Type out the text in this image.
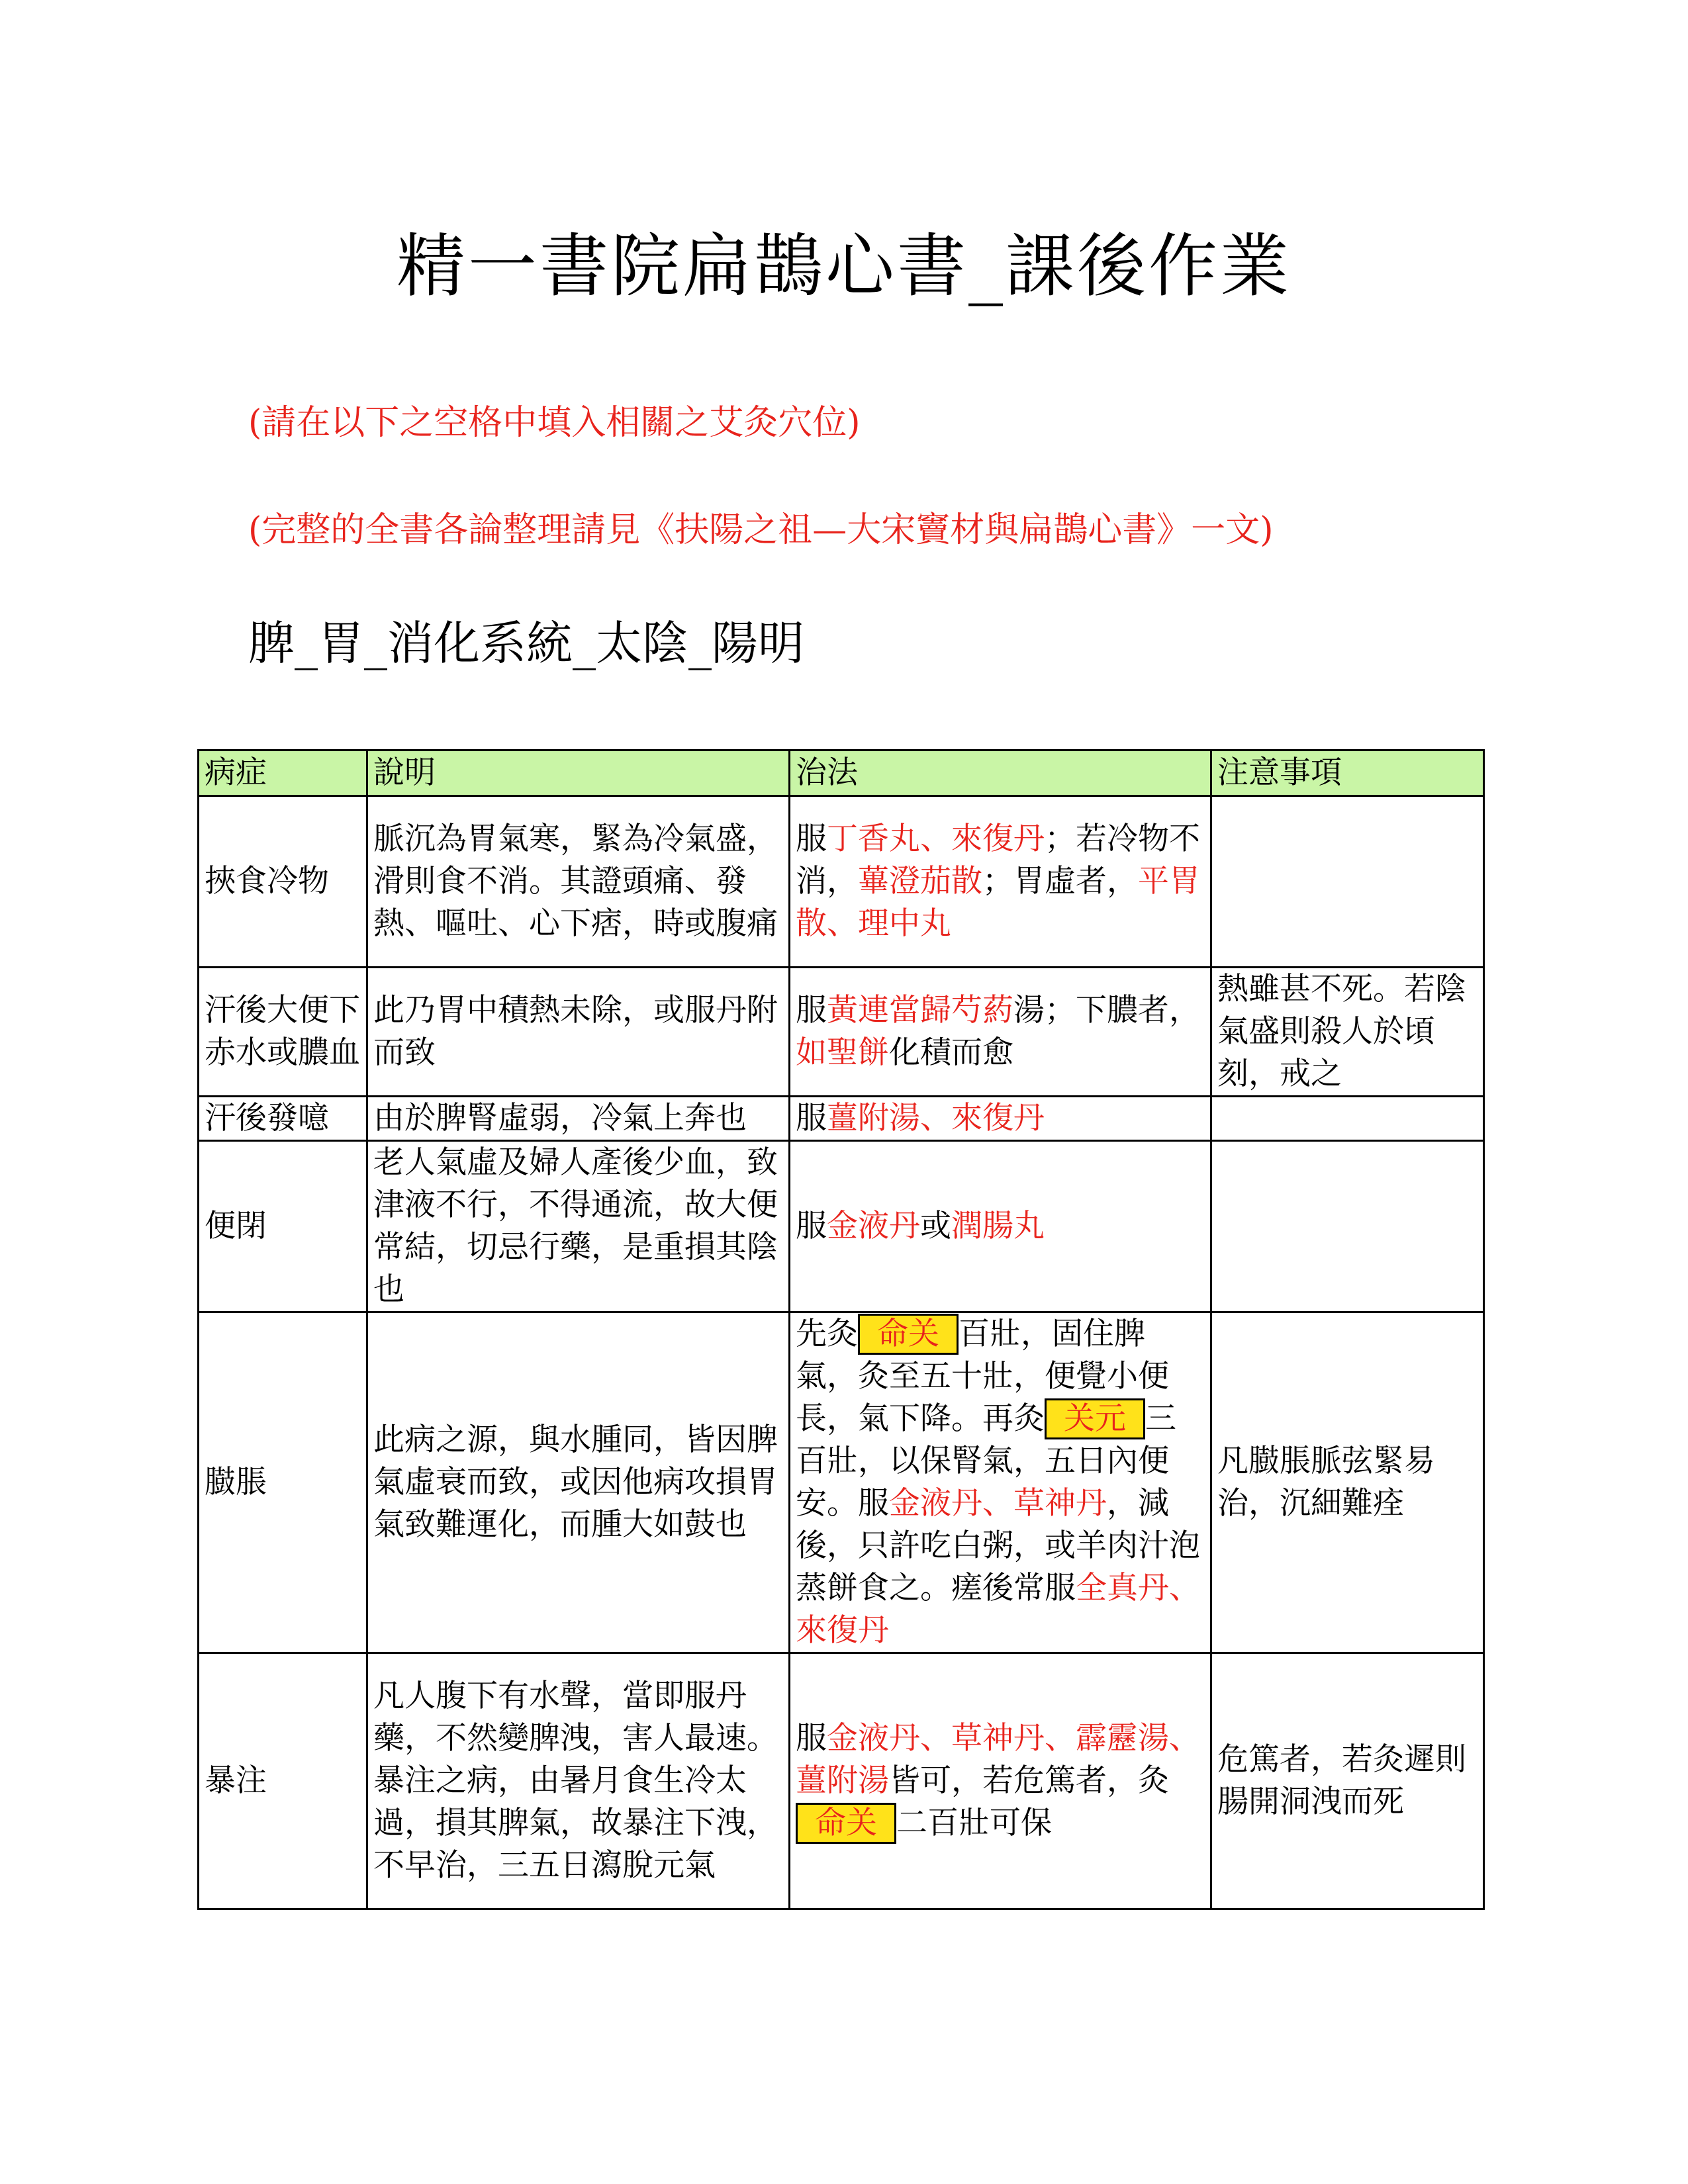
精一書院扁鵲心書_課後作業
(請在以下之空格中填入相關之艾灸穴位)
(完整的全書各論整理請見《扶陽之祖—大宋竇材與扁鵲心書》一文)
脾_胃_消化系統_太陰_陽明
病症	說明	治法	注意事項
挾食冷物	脈沉為胃氣寒，緊為冷氣盛，滑則食不消。其證頭痛、發熱、嘔吐、心下痞，時或腹痛	服丁香丸、來復丹；若冷物不消，蓽澄茄散；胃虛者，平胃散、理中丸	
汗後大便下赤水或膿血	此乃胃中積熱未除，或服丹附而致	服黃連當歸芍葯湯；下膿者，如聖餅化積而愈	熱雖甚不死。若陰氣盛則殺人於頃刻，戒之
汗後發噫	由於脾腎虛弱，冷氣上奔也	服薑附湯、來復丹	
便閉	老人氣虛及婦人產後少血，致津液不行，不得通流，故大便常結，切忌行藥，是重損其陰也	服金液丹或潤腸丸	
臌脹	此病之源，與水腫同，皆因脾氣虛衰而致，或因他病攻損胃氣致難運化，而腫大如鼓也	先灸 命关 百壯，固住脾氣，灸至五十壯，便覺小便長，氣下降。再灸 关元 三百壯，以保腎氣，五日內便安。服金液丹、草神丹，減後，只許吃白粥，或羊肉汁泡蒸餅食之。瘥後常服全真丹、來復丹	凡臌脹脈弦緊易治，沉細難痊
暴注	凡人腹下有水聲，當即服丹藥，不然變脾洩，害人最速。暴注之病，由暑月食生冷太過，損其脾氣，故暴注下洩，不早治，三五日瀉脫元氣	服金液丹、草神丹、霹靂湯、薑附湯皆可，若危篤者，灸命关 二百壯可保	危篤者，若灸遲則腸開洞洩而死
